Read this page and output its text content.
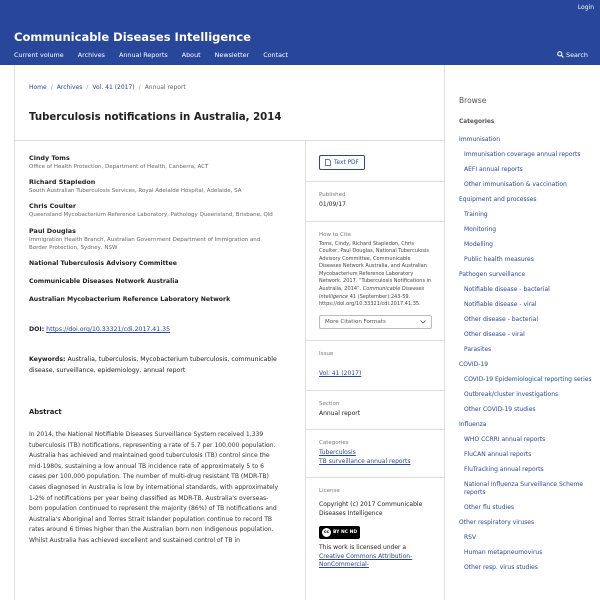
Login
Communicable Diseases Intelligence
Current volume Archives Annual Reports About Newsletter Contact	Search
Home / Archives / Vol. 41 (2017) / Annual report
Tuberculosis notifications in Australia, 2014
Cindy Toms
Office of Health Protection, Department of Health, Canberra, ACT
Richard Stapledon
South Australian Tuberculosis Services, Royal Adelaide Hospital, Adelaide, SA
Chris Coulter
Queensland Mycobacterium Reference Laboratory, Pathology Queensland, Brisbane, Qld
Paul Douglas
Immigration Health Branch, Australian Government Department of Immigration and Border Protection, Sydney, NSW
National Tuberculosis Advisory Committee
Communicable Diseases Network Australia
Australian Mycobacterium Reference Laboratory Network
DOI: https://doi.org/10.33321/cdi.2017.41.35
Keywords: Australia, tuberculosis, Mycobacterium tuberculosis, communicable disease, surveillance, epidemiology, annual report
Abstract

In 2014, the National Notifiable Diseases Surveillance System received 1,339 tuberculosis (TB) notifications, representing a rate of 5.7 per 100,000 population. Australia has achieved and maintained good tuberculosis (TB) control since the mid-1980s, sustaining a low annual TB incidence rate of approximately 5 to 6 cases per 100,000 population. The number of multi-drug resistant TB (MDR-TB) cases diagnosed in Australia is low by international standards, with approximately 1-2% of notifications per year being classified as MDR-TB. Australia's overseas-born population continued to represent the majority (86%) of TB notifications and Australia's Aboriginal and Torres Strait Islander population continue to record TB rates around 6 times higher than the Australian born non Indigenous population. Whilst Australia has achieved excellent and sustained control of TB in

Text PDF
Published
01/09/17
How to Cite
Toms, Cindy, Richard Stapledon, Chris Coulter, Paul Douglas, National Tuberculosis Advisory Committee, Communicable Diseases Network Australia, and Australian Mycobacterium Reference Laboratory Network. 2017. “Tuberculosis Notifications in Australia, 2014”. Communicable Diseases Intelligence 41 (September):243-59. https://doi.org/10.33321/cdi.2017.41.35.
More Citation Formats
Issue
Vol. 41 (2017)
Section
Annual report
Categories
Tuberculosis
TB surveillance annual reports
License
Copyright (c) 2017 Communicable Diseases Intelligence
cc BY NC ND
This work is licensed under a Creative Commons Attribution-NonCommercial-
Browse
Categories
Immunisation
Immunisation coverage annual reports
AEFI annual reports
Other immunisation & vaccination
Equipment and processes
Training
Monitoring
Modelling
Public health measures
Pathogen surveillance
Notifiable disease - bacterial
Notifiable disease - viral
Other disease - bacterial
Other disease - viral
Parasites
COVID-19
COVID-19 Epidemiological reporting series
Outbreak/cluster investigations
Other COVID-19 studies
Influenza
WHO CCRRI annual reports
FluCAN annual reports
FluTracking annual reports
National Influenza Surveillance Scheme reports
Other flu studies
Other respiratory viruses
RSV
Human metapneumovirus
Other resp. virus studies
